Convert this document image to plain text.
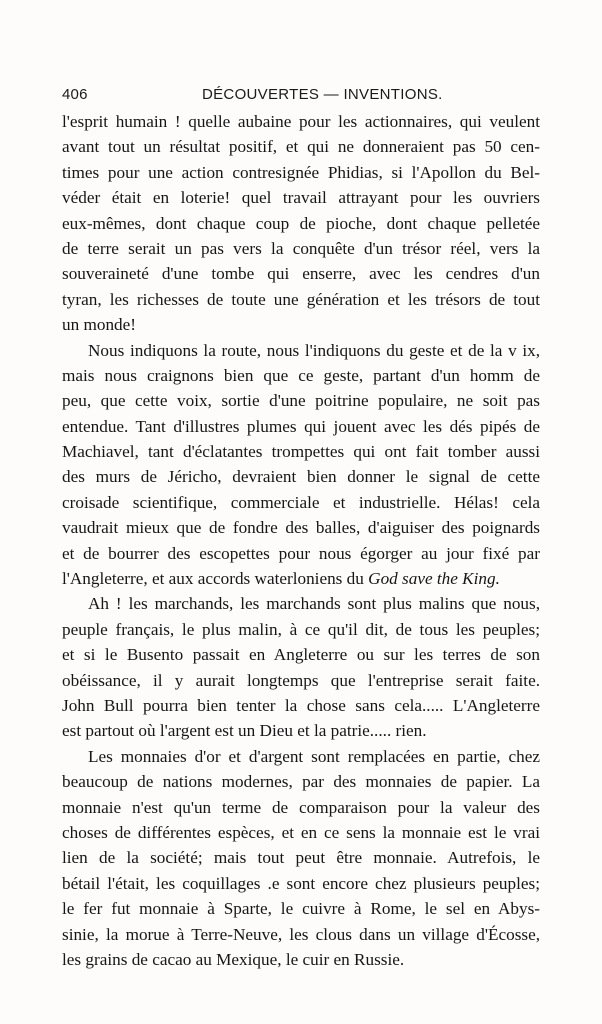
406	DÉCOUVERTES — INVENTIONS.
l'esprit humain ! quelle aubaine pour les actionnaires, qui veulent
avant tout un résultat positif, et qui ne donneraient pas 50 cen-
times pour une action contresignée Phidias, si l'Apollon du Bel-
véder était en loterie! quel travail attrayant pour les ouvriers
eux-mêmes, dont chaque coup de pioche, dont chaque pelletée
de terre serait un pas vers la conquête d'un trésor réel, vers la
souveraineté d'une tombe qui enserre, avec les cendres d'un
tyran, les richesses de toute une génération et les trésors de tout
un monde!
Nous indiquons la route, nous l'indiquons du geste et de la v ix,
mais nous craignons bien que ce geste, partant d'un homm de
peu, que cette voix, sortie d'une poitrine populaire, ne soit pas
entendue. Tant d'illustres plumes qui jouent avec les dés pipés de
Machiavel, tant d'éclatantes trompettes qui ont fait tomber aussi
des murs de Jéricho, devraient bien donner le signal de cette
croisade scientifique, commerciale et industrielle. Hélas! cela
vaudrait mieux que de fondre des balles, d'aiguiser des poignards
et de bourrer des escopettes pour nous égorger au jour fixé par
l'Angleterre, et aux accords waterloniens du God save the King.
Ah ! les marchands, les marchands sont plus malins que nous,
peuple français, le plus malin, à ce qu'il dit, de tous les peuples;
et si le Busento passait en Angleterre ou sur les terres de son
obéissance, il y aurait longtemps que l'entreprise serait faite.
John Bull pourra bien tenter la chose sans cela..... L'Angleterre
est partout où l'argent est un Dieu et la patrie..... rien.
Les monnaies d'or et d'argent sont remplacées en partie, chez
beaucoup de nations modernes, par des monnaies de papier. La
monnaie n'est qu'un terme de comparaison pour la valeur des
choses de différentes espèces, et en ce sens la monnaie est le vrai
lien de la société; mais tout peut être monnaie. Autrefois, le
bétail l'était, les coquillages .e sont encore chez plusieurs peuples;
le fer fut monnaie à Sparte, le cuivre à Rome, le sel en Abys-
sinie, la morue à Terre-Neuve, les clous dans un village d'Écosse,
les grains de cacao au Mexique, le cuir en Russie.
